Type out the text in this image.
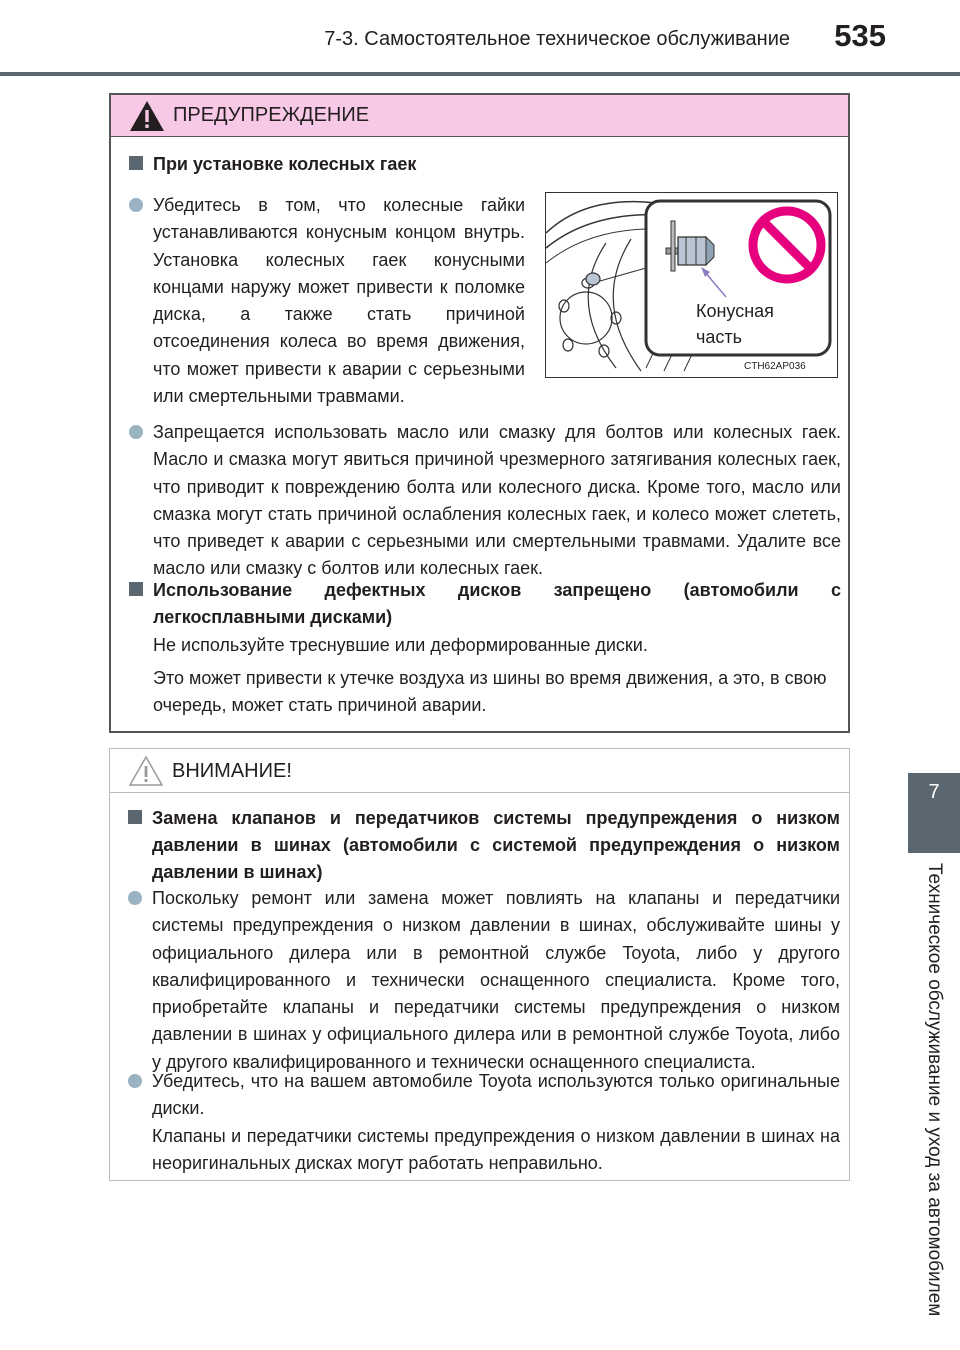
7-3. Самостоятельное техническое обслуживание	535
7
Техническое обслуживание и уход за автомобилем
ПРЕДУПРЕЖДЕНИЕ
При установке колесных гаек
Убедитесь в том, что колесные гайки устанавливаются конусным концом внутрь. Установка колесных гаек конусными концами наружу может привести к поломке диска, а также стать причиной отсоединения колеса во время движения, что может привести к аварии с серьезными или смертельными травмами.
Конусная
часть
CTH62AP036
Запрещается использовать масло или смазку для болтов или колесных гаек. Масло и смазка могут явиться причиной чрезмерного затягивания колесных гаек, что приводит к повреждению болта или колесного диска. Кроме того, масло или смазка могут стать причиной ослабления колесных гаек, и колесо может слететь, что приведет к аварии с серьезными или смертельными травмами. Удалите все масло или смазку с болтов или колесных гаек.
Использование дефектных дисков запрещено (автомобили с легкосплавными дисками)
Не используйте треснувшие или деформированные диски.
Это может привести к утечке воздуха из шины во время движения, а это, в свою очередь, может стать причиной аварии.
ВНИМАНИЕ!
Замена клапанов и передатчиков системы предупреждения о низком давлении в шинах (автомобили с системой предупреждения о низком давлении в шинах)
Поскольку ремонт или замена может повлиять на клапаны и передатчики системы предупреждения о низком давлении в шинах, обслуживайте шины у официального дилера или в ремонтной службе Toyota, либо у другого квалифицированного и технически оснащенного специалиста. Кроме того, приобретайте клапаны и передатчики системы предупреждения о низком давлении в шинах у официального дилера или в ремонтной службе Toyota, либо у другого квалифицированного и технически оснащенного специалиста.
Убедитесь, что на вашем автомобиле Toyota используются только оригинальные диски.
Клапаны и передатчики системы предупреждения о низком давлении в шинах на неоригинальных дисках могут работать неправильно.
